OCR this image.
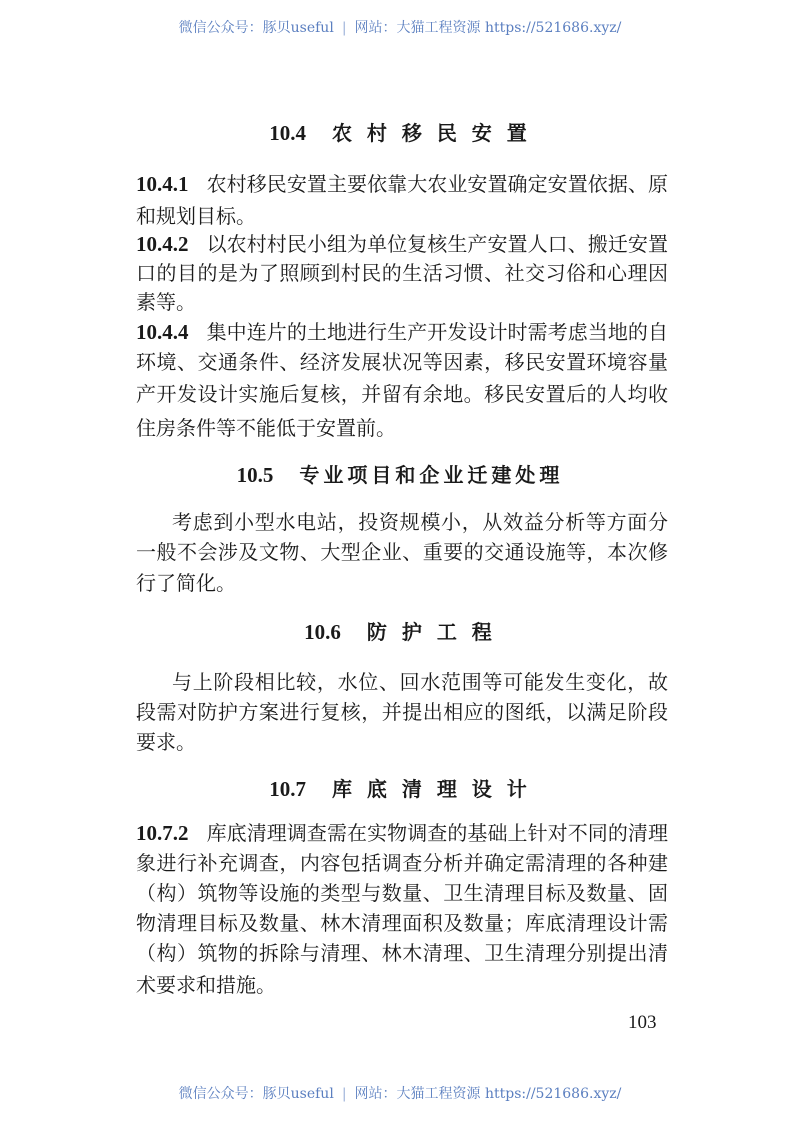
微信公众号：豚贝useful | 网站：大猫工程资源 https://521686.xyz/
10.4 农 村 移 民 安 置
10.4.1 农村移民安置主要依靠大农业安置确定安置依据、原
和规划目标。
10.4.2 以农村村民小组为单位复核生产安置人口、搬迁安置
口的目的是为了照顾到村民的生活习惯、社交习俗和心理因
素等。
10.4.4 集中连片的土地进行生产开发设计时需考虑当地的自
环境、交通条件、经济发展状况等因素，移民安置环境容量
产开发设计实施后复核，并留有余地。移民安置后的人均收
住房条件等不能低于安置前。
10.5 专业项目和企业迁建处理
考虑到小型水电站，投资规模小，从效益分析等方面分
一般不会涉及文物、大型企业、重要的交通设施等，本次修
行了简化。
10.6 防 护 工 程
与上阶段相比较，水位、回水范围等可能发生变化，故
段需对防护方案进行复核，并提出相应的图纸，以满足阶段
要求。
10.7 库 底 清 理 设 计
10.7.2 库底清理调查需在实物调查的基础上针对不同的清理
象进行补充调查，内容包括调查分析并确定需清理的各种建
（构）筑物等设施的类型与数量、卫生清理目标及数量、固
物清理目标及数量、林木清理面积及数量；库底清理设计需
（构）筑物的拆除与清理、林木清理、卫生清理分别提出清
术要求和措施。
103
微信公众号：豚贝useful | 网站：大猫工程资源 https://521686.xyz/
